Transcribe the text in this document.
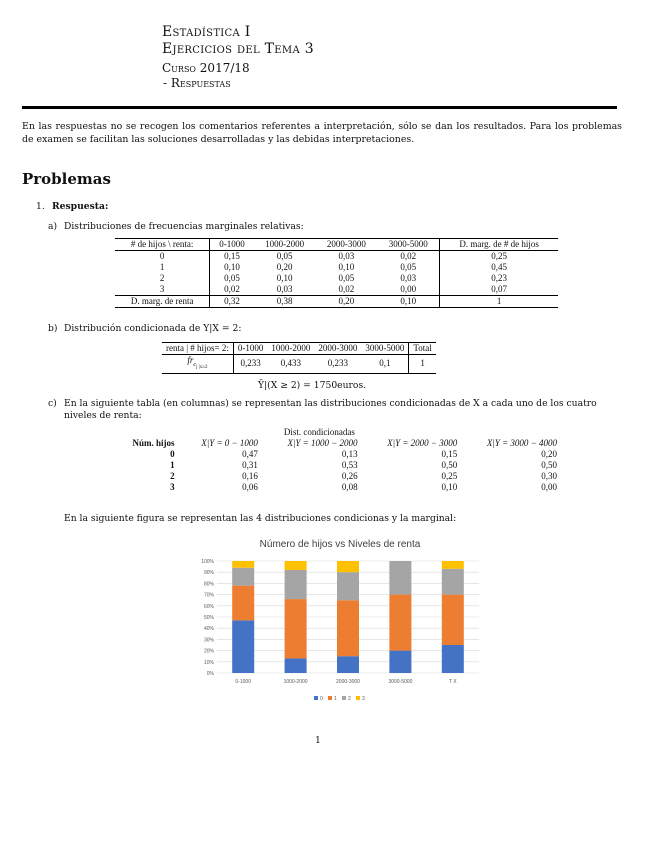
Estadística I
Ejercicios del Tema 3
Curso 2017/18
- Respuestas
En las respuestas no se recogen los comentarios referentes a interpretación, sólo se dan los resultados. Para los problemas de examen se facilitan las soluciones desarrolladas y las debidas interpretaciones.
Problemas
1. Respuesta:
a) Distribuciones de frecuencias marginales relativas:
# de hijos \ renta:	0-1000	1000-2000	2000-3000	3000-5000	D. marg. de # de hijos
0	0,15	0,05	0,03	0,02	0,25
1	0,10	0,20	0,10	0,05	0,45
2	0,05	0,10	0,05	0,03	0,23
3	0,02	0,03	0,02	0,00	0,07
D. marg. de renta	0,32	0,38	0,20	0,10	1
b) Distribución condicionada de Y|X = 2:
renta | # hijos= 2:	0-1000	1000-2000	2000-3000	3000-5000	Total
$fr_{c_{j |x\ge 2}}$	0,233	0,433	0,233	0,1	1
Ȳ|(X ≥ 2) = 1750euros.
c) En la siguiente tabla (en columnas) se representan las distribuciones condicionadas de X a cada uno de los cuatro niveles de renta:
		Dist. condicionadas		
Núm. hijos	X|Y = 0 − 1000	X|Y = 1000 − 2000	X|Y = 2000 − 3000	X|Y = 3000 − 4000
0	0,47	0,13	0,15	0,20
1	0,31	0,53	0,50	0,50
2	0,16	0,26	0,25	0,30
3	0,06	0,08	0,10	0,00
En la siguiente figura se representan las 4 distribuciones condicionas y la marginal:
Número de hijos vs Niveles de renta
0%
10%
20%
30%
40%
50%
60%
70%
80%
90%
100%
0-1000	1000-2000	2000-3000	3000-5000	T X
0 1 2 3
1
